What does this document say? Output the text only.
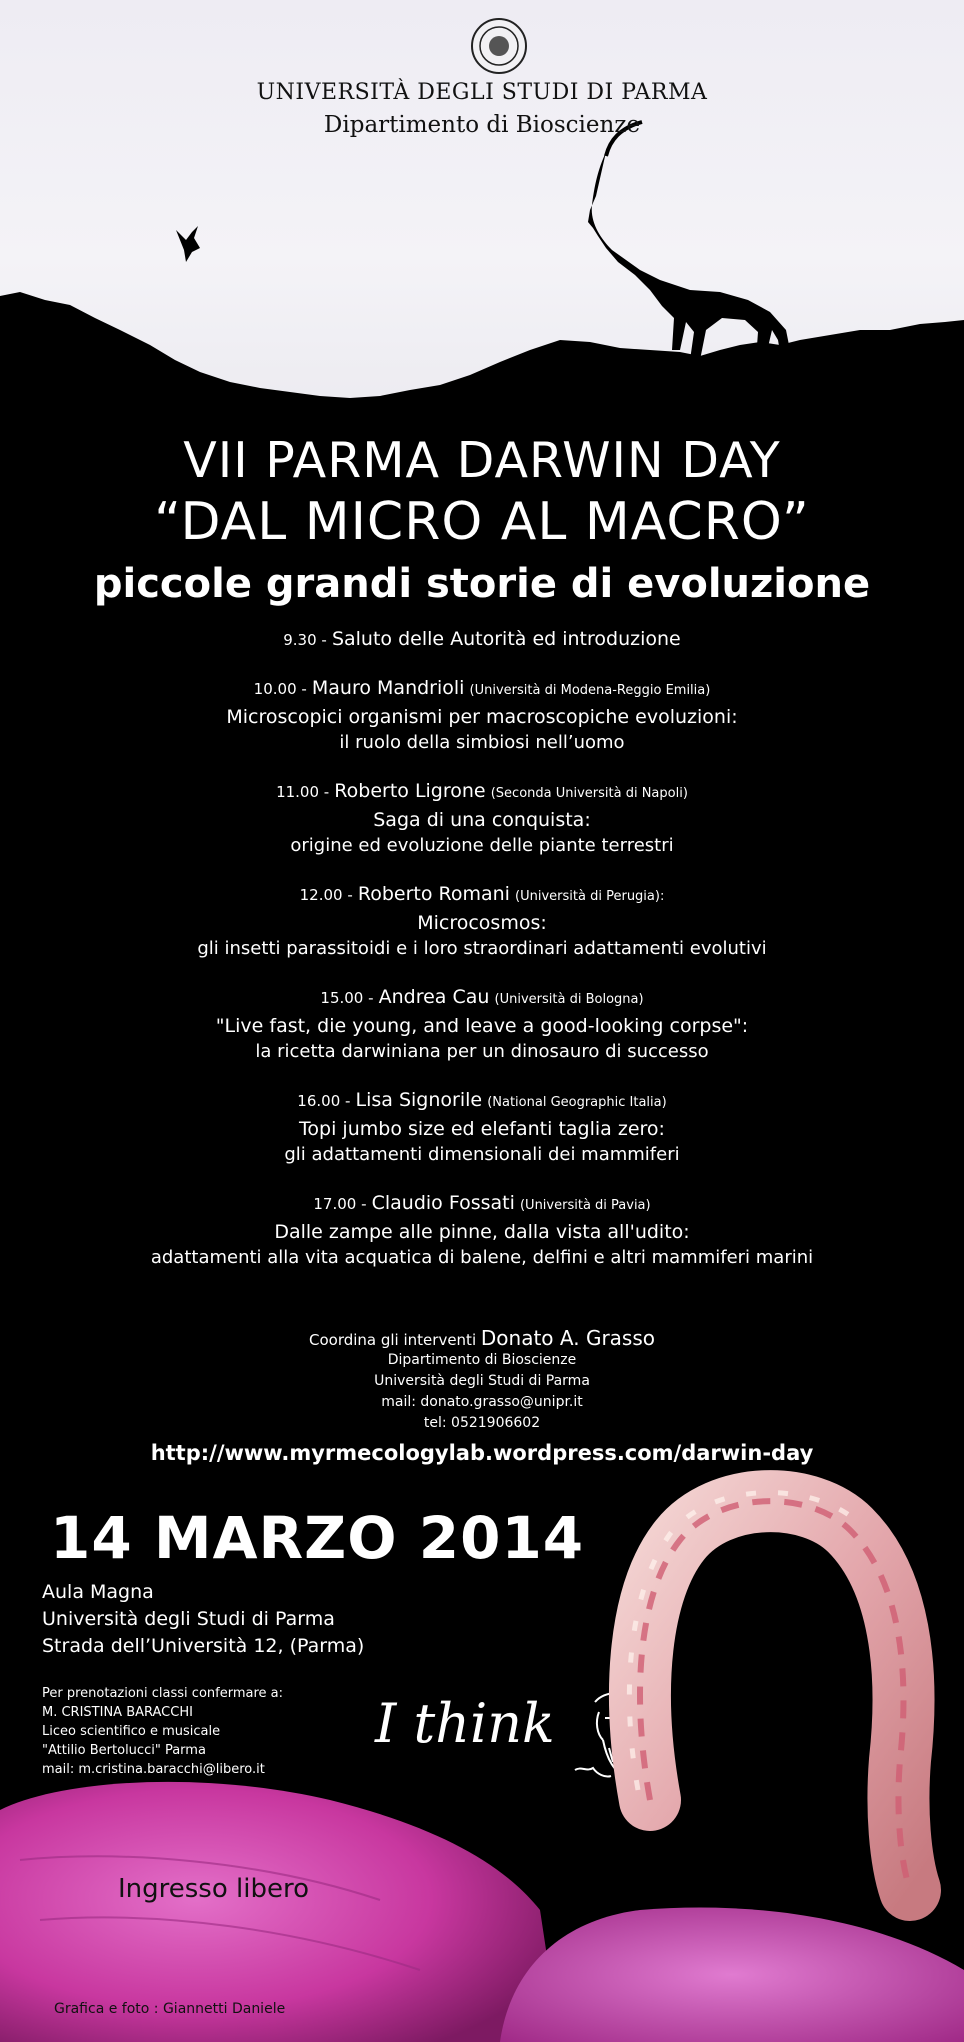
UNIVERSITÀ DEGLI STUDI DI PARMA
Dipartimento di Bioscienze
VII PARMA DARWIN DAY
“DAL MICRO AL MACRO”
piccole grandi storie di evoluzione
9.30 - Saluto delle Autorità ed introduzione
10.00 - Mauro Mandrioli (Università di Modena-Reggio Emilia)
Microscopici organismi per macroscopiche evoluzioni:
il ruolo della simbiosi nell’uomo
11.00 - Roberto Ligrone (Seconda Università di Napoli)
Saga di una conquista:
origine ed evoluzione delle piante terrestri
12.00 - Roberto Romani (Università di Perugia):
Microcosmos:
gli insetti parassitoidi e i loro straordinari adattamenti evolutivi
15.00 - Andrea Cau (Università di Bologna)
"Live fast, die young, and leave a good-looking corpse":
la ricetta darwiniana per un dinosauro di successo
16.00 - Lisa Signorile (National Geographic Italia)
Topi jumbo size ed elefanti taglia zero:
gli adattamenti dimensionali dei mammiferi
17.00 - Claudio Fossati (Università di Pavia)
Dalle zampe alle pinne, dalla vista all'udito:
adattamenti alla vita acquatica di balene, delfini e altri mammiferi marini
Coordina gli interventi Donato A. Grasso
Dipartimento di Bioscienze
Università degli Studi di Parma
mail: donato.grasso@unipr.it
tel: 0521906602
http://www.myrmecologylab.wordpress.com/darwin-day
14 MARZO 2014
Aula Magna
Università degli Studi di Parma
Strada dell’Università 12, (Parma)
Per prenotazioni classi confermare a:
M. CRISTINA BARACCHI
Liceo scientifico e musicale
"Attilio Bertolucci" Parma
mail: m.cristina.baracchi@libero.it
I think
Ingresso libero
Grafica e foto : Giannetti Daniele
